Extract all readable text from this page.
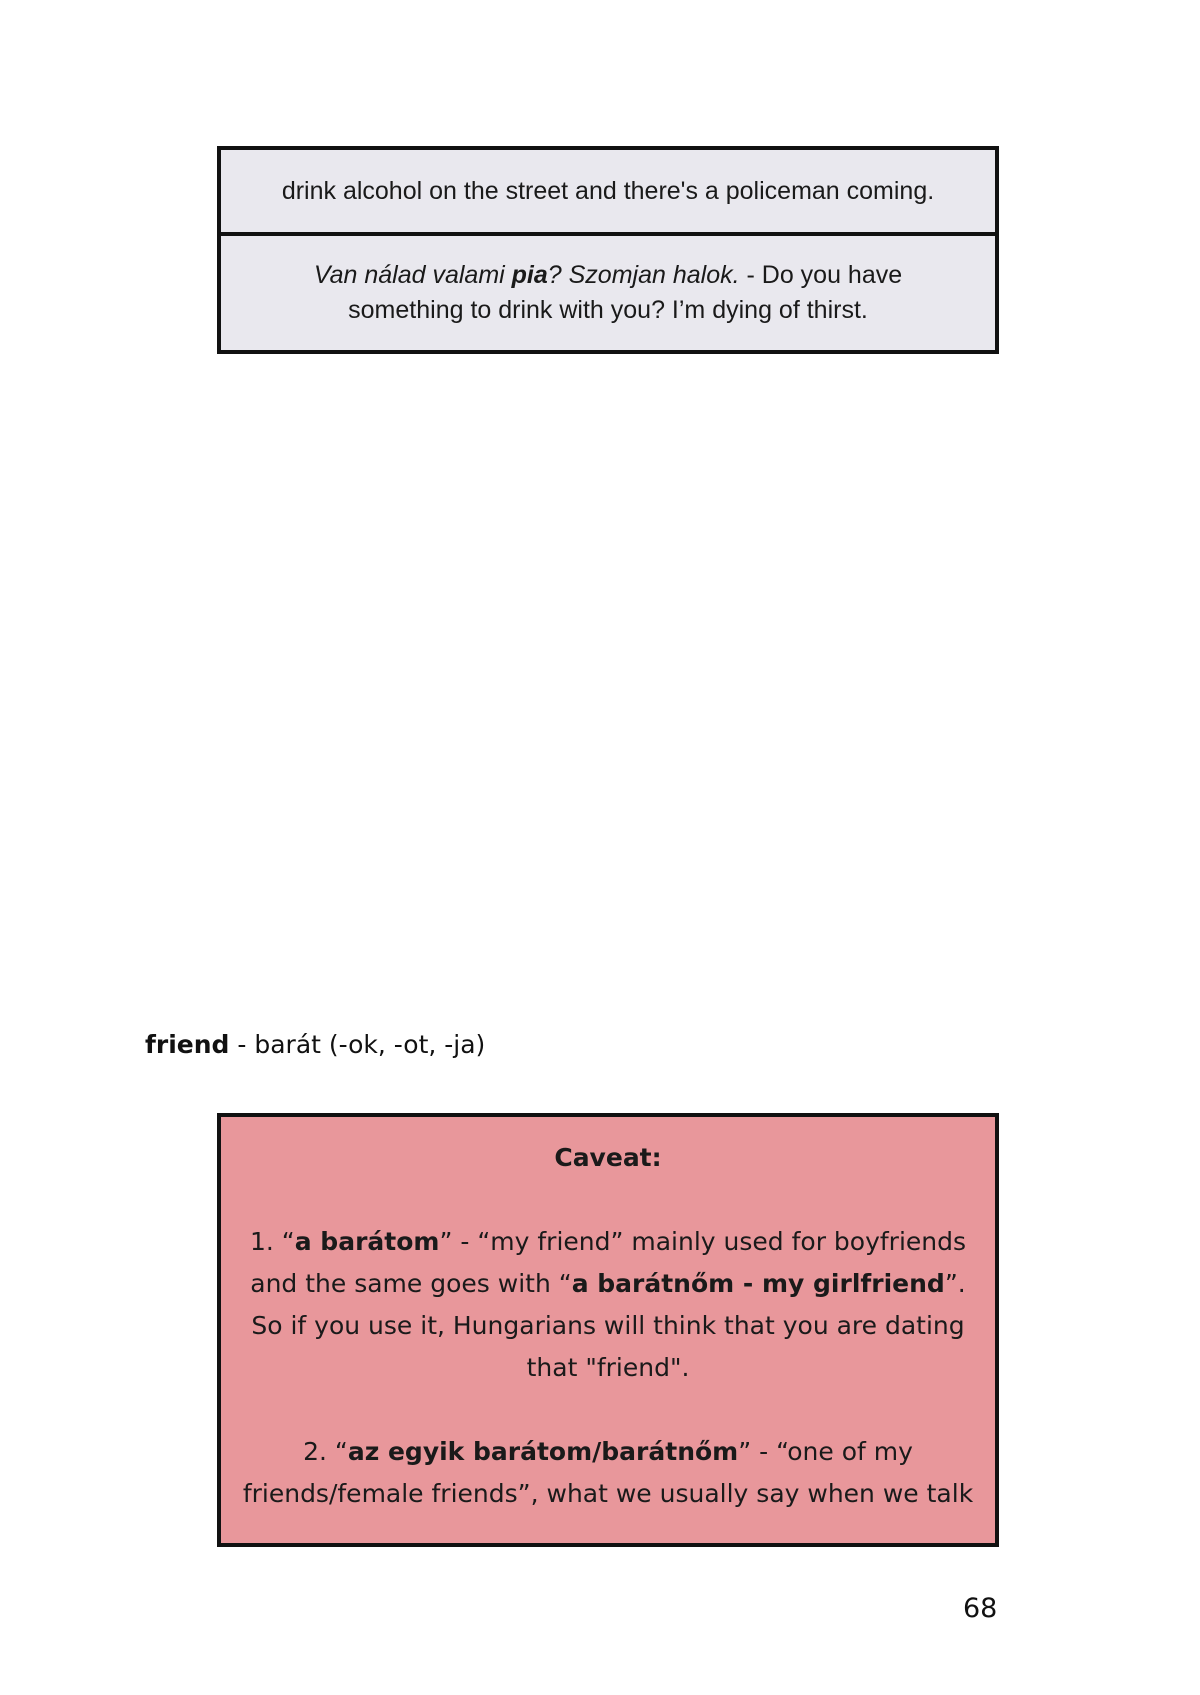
drink alcohol on the street and there's a policeman coming.
Van nálad valami pia? Szomjan halok. - Do you have
something to drink with you? I’m dying of thirst.
friend - barát (-ok, -ot, -ja)
Caveat:
1. “a barátom” - “my friend” mainly used for boyfriends and the same goes with “a barátnőm - my girlfriend”. So if you use it, Hungarians will think that you are dating that "friend".
2. “az egyik barátom/barátnőm” - “one of my friends/female friends”, what we usually say when we talk
68
